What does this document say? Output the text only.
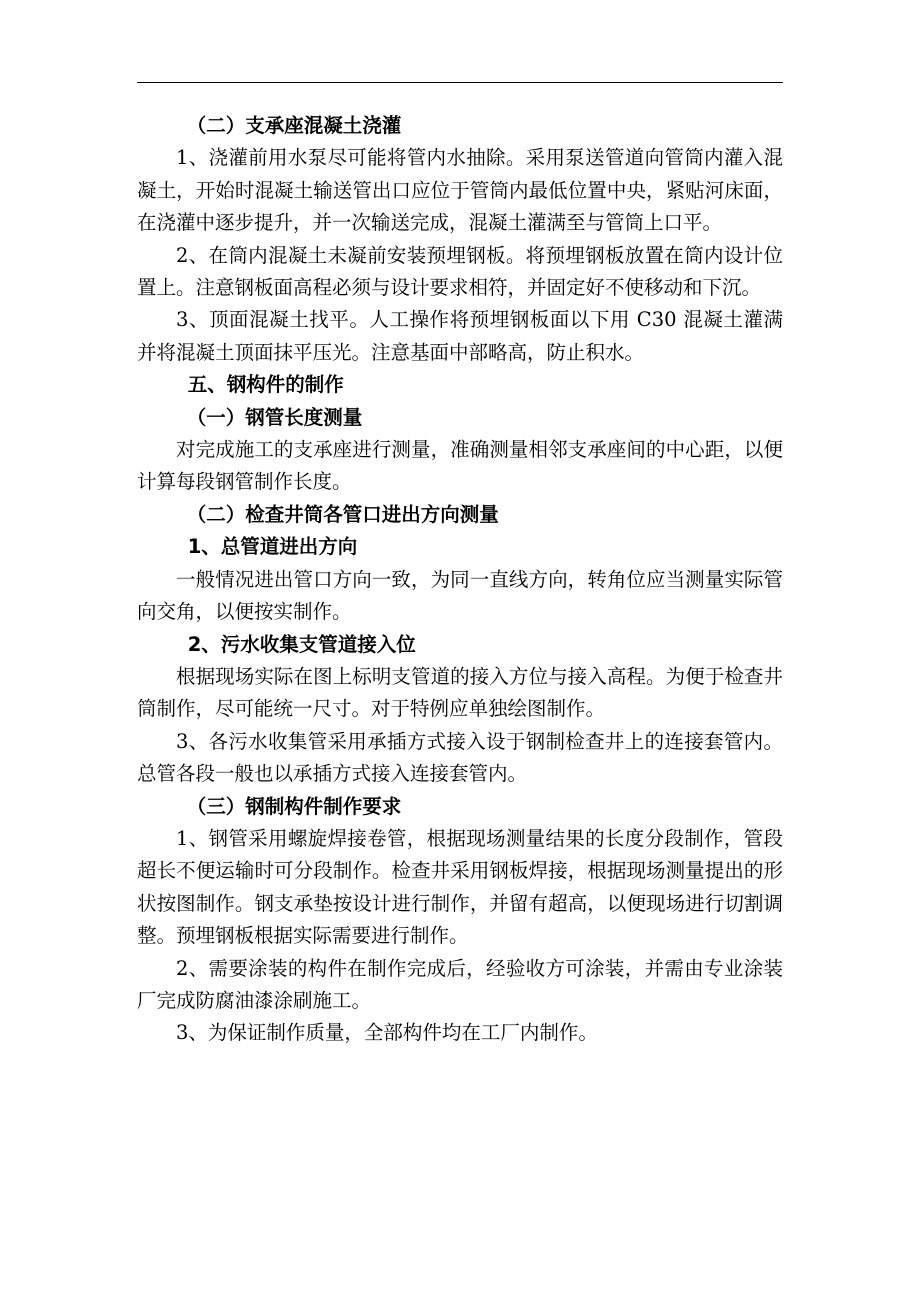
（二）支承座混凝土浇灌

1、浇灌前用水泵尽可能将管内水抽除。采用泵送管道向管筒内灌入混凝土，开始时混凝土输送管出口应位于管筒内最低位置中央，紧贴河床面，在浇灌中逐步提升，并一次输送完成，混凝土灌满至与管筒上口平。

2、在筒内混凝土未凝前安装预埋钢板。将预埋钢板放置在筒内设计位置上。注意钢板面高程必须与设计要求相符，并固定好不使移动和下沉。

3、顶面混凝土找平。人工操作将预埋钢板面以下用 C30 混凝土灌满并将混凝土顶面抹平压光。注意基面中部略高，防止积水。

五、钢构件的制作

（一）钢管长度测量

对完成施工的支承座进行测量，准确测量相邻支承座间的中心距，以便计算每段钢管制作长度。

（二）检查井筒各管口进出方向测量

1、总管道进出方向

一般情况进出管口方向一致，为同一直线方向，转角位应当测量实际管向交角，以便按实制作。

2、污水收集支管道接入位

根据现场实际在图上标明支管道的接入方位与接入高程。为便于检查井筒制作，尽可能统一尺寸。对于特例应单独绘图制作。

3、各污水收集管采用承插方式接入设于钢制检查井上的连接套管内。总管各段一般也以承插方式接入连接套管内。

（三）钢制构件制作要求

1、钢管采用螺旋焊接卷管，根据现场测量结果的长度分段制作，管段超长不便运输时可分段制作。检查井采用钢板焊接，根据现场测量提出的形状按图制作。钢支承垫按设计进行制作，并留有超高，以便现场进行切割调整。预埋钢板根据实际需要进行制作。

2、需要涂装的构件在制作完成后，经验收方可涂装，并需由专业涂装厂完成防腐油漆涂刷施工。

3、为保证制作质量，全部构件均在工厂内制作。
